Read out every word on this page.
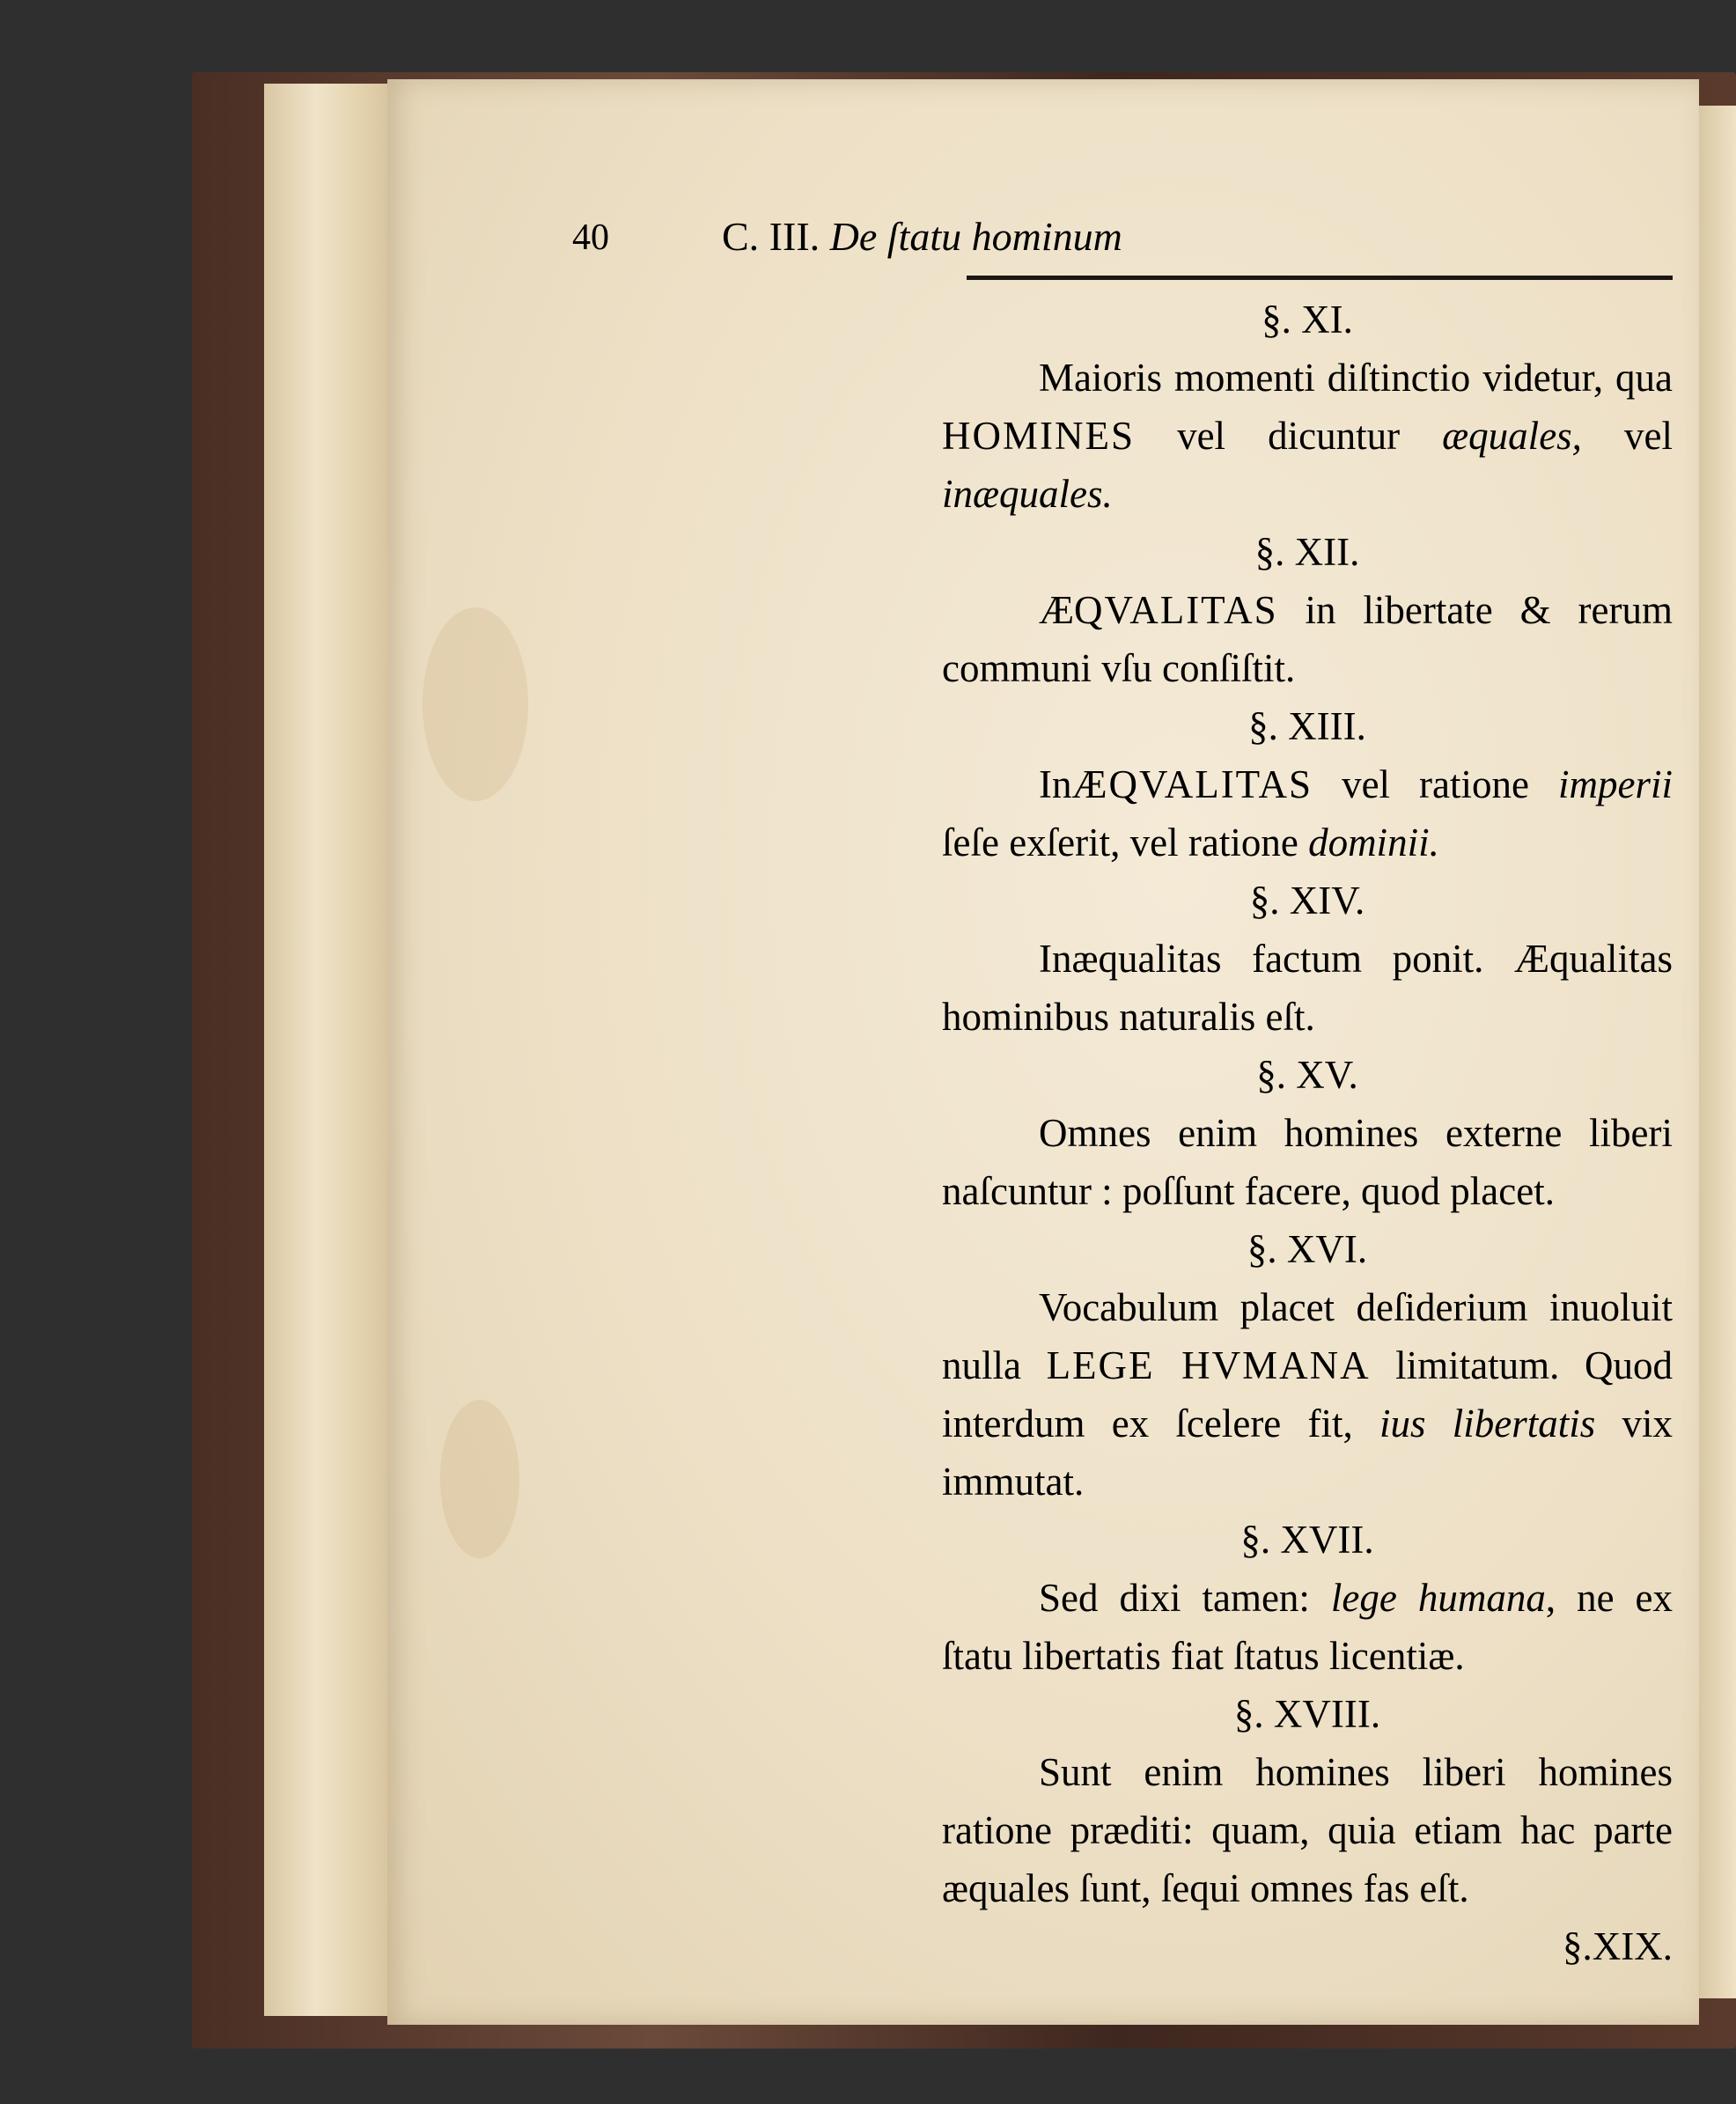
40	C. III. De ſtatu hominum
§. XI.
Maioris momenti diſtinctio videtur, qua HOMINES vel dicuntur æquales, vel inæquales.
§. XII.
ÆQVALITAS in libertate & rerum communi vſu conſiſtit.
§. XIII.
InÆQVALITAS vel ratione imperii ſeſe exſerit, vel ratione dominii.
§. XIV.
Inæqualitas factum ponit. Æqualitas hominibus naturalis eſt.
§. XV.
Omnes enim homines externe liberi naſcuntur : poſſunt facere, quod placet.
§. XVI.
Vocabulum placet deſiderium inuoluit nulla LEGE HVMANA limitatum. Quod interdum ex ſcelere fit, ius libertatis vix immutat.
§. XVII.
Sed dixi tamen: lege humana, ne ex ſtatu libertatis fiat ſtatus licentiæ.
§. XVIII.
Sunt enim homines liberi homines ratione præditi: quam, quia etiam hac parte æquales ſunt, ſequi omnes fas eſt.
§.XIX.
